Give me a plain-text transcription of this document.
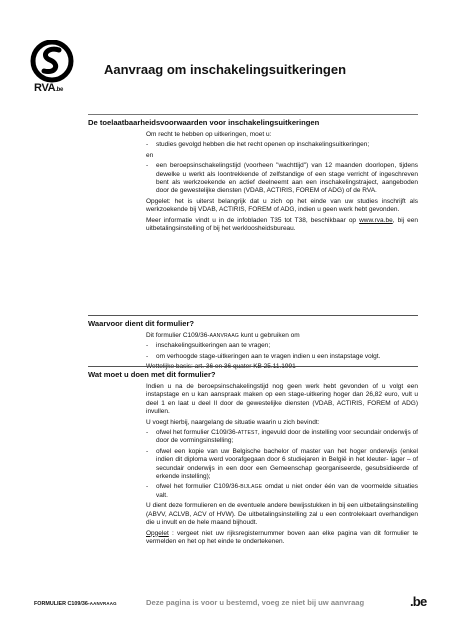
RVA.be
Aanvraag om inschakelingsuitkeringen
De toelaatbaarheidsvoorwaarden voor inschakelingsuitkeringen

Om recht te hebben op uitkeringen, moet u:

-	studies gevolgd hebben die het recht openen op inschakelingsuitkeringen;

en

-	een beroepsinschakelingstijd (voorheen "wachttijd") van 12 maanden doorlopen, tijdens dewelke u werkt als loontrekkende of zelfstandige of een stage verricht of ingeschreven bent als werkzoekende en actief deelneemt aan een inschakelingstraject, aangeboden door de gewestelijke diensten (VDAB, ACTIRIS, FOREM of ADG) of de RVA.

Opgelet: het is uiterst belangrijk dat u zich op het einde van uw studies inschrijft als werkzoekende bij VDAB, ACTIRIS, FOREM of ADG, indien u geen werk hebt gevonden.

Meer informatie vindt u in de infobladen T35 tot T38, beschikbaar op www.rva.be, bij een uitbetalingsinstelling of bij het werkloosheidsbureau.

Waarvoor dient dit formulier?

Dit formulier C109/36-AANVRAAG kunt u gebruiken om

-	inschakelingsuitkeringen aan te vragen;
-	om verhoogde stage-uitkeringen aan te vragen indien u een instapstage volgt.

Wettelijke basis: art. 36 en 36 quater KB 25.11.1991

Wat moet u doen met dit formulier?

Indien u na de beroepsinschakelingstijd nog geen werk hebt gevonden of u volgt een instapstage en u kan aanspraak maken op een stage-uitkering hoger dan 26,82 euro, vult u deel 1 en laat u deel II door de gewestelijke diensten (VDAB, ACTIRIS, FOREM of ADG) invullen.

U voegt hierbij, naargelang de situatie waarin u zich bevindt:

-	ofwel het formulier C109/36-ATTEST, ingevuld door de instelling voor secundair onderwijs of door de vormingsinstelling;
-	ofwel een kopie van uw Belgische bachelor of master van het hoger onderwijs (enkel indien dit diploma werd voorafgegaan door 6 studiejaren in België in het kleuter- lager – of secundair onderwijs in een door een Gemeenschap georganiseerde, gesubsidieerde of erkende instelling);
-	ofwel het formulier C109/36-BIJLAGE omdat u niet onder één van de voormelde situaties valt.

U dient deze formulieren en de eventuele andere bewijsstukken in bij een uitbetalingsinstelling (ABVV, ACLVB, ACV of HVW). De uitbetalingsinstelling zal u een controlekaart overhandigen die u invult en de hele maand bijhoudt.

Opgelet : vergeet niet uw rijksregisternummer boven aan elke pagina van dit formulier te vermelden en het op het einde te ondertekenen.

FORMULIER C109/36-AANVRAAG	Deze pagina is voor u bestemd, voeg ze niet bij uw aanvraag	.be
